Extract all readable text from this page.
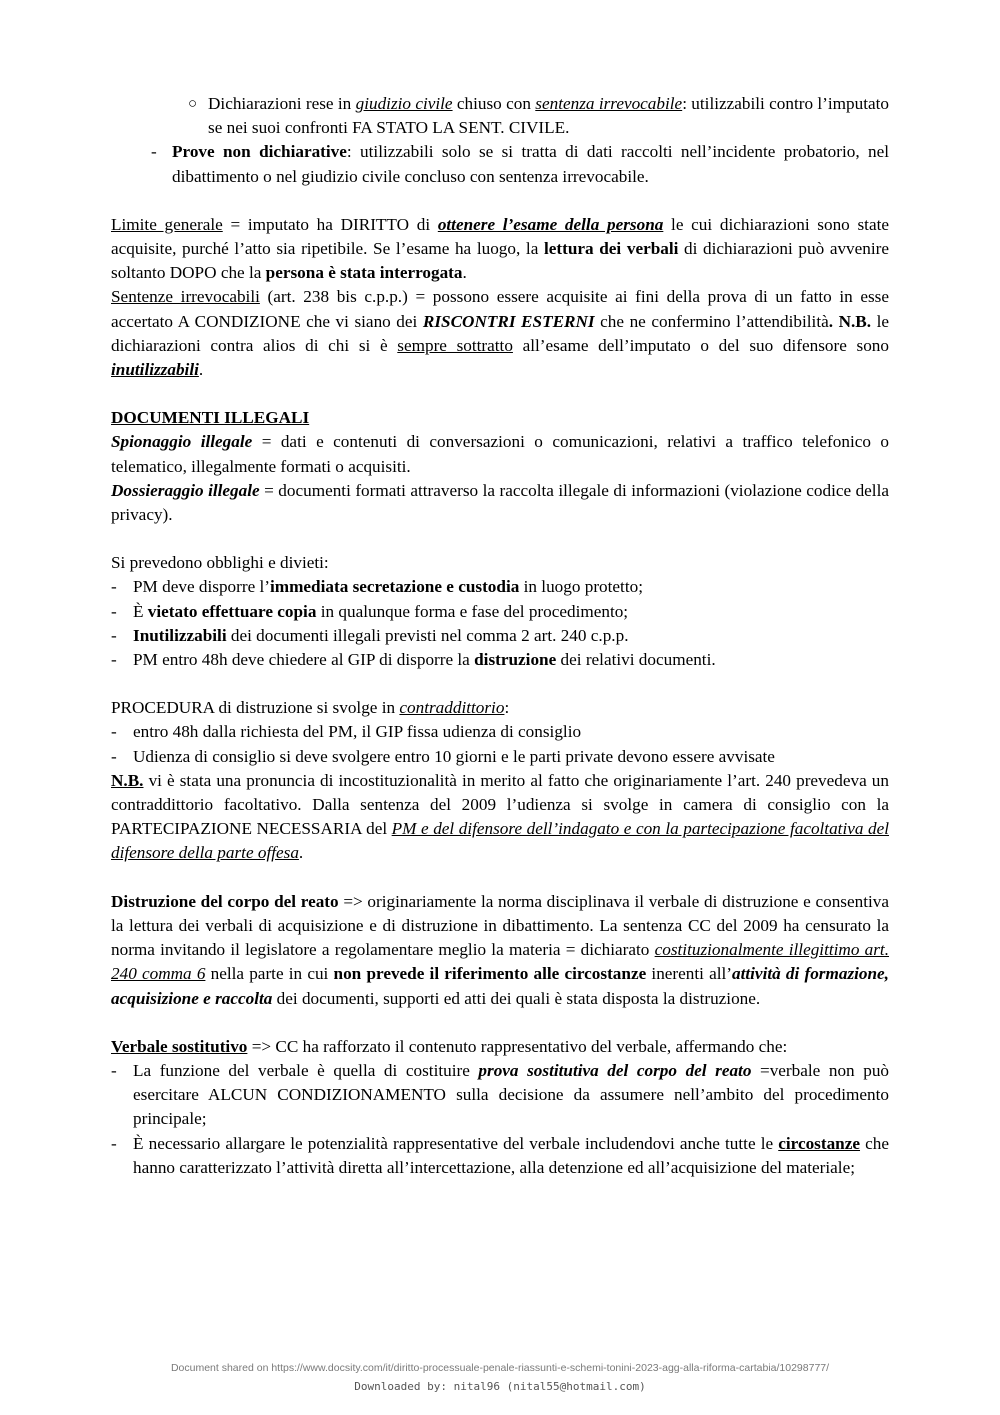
○ Dichiarazioni rese in giudizio civile chiuso con sentenza irrevocabile: utilizzabili contro l’imputato se nei suoi confronti FA STATO LA SENT. CIVILE.
- Prove non dichiarative: utilizzabili solo se si tratta di dati raccolti nell’incidente probatorio, nel dibattimento o nel giudizio civile concluso con sentenza irrevocabile.

Limite generale = imputato ha DIRITTO di ottenere l’esame della persona le cui dichiarazioni sono state acquisite, purché l’atto sia ripetibile. Se l’esame ha luogo, la lettura dei verbali di dichiarazioni può avvenire soltanto DOPO che la persona è stata interrogata.

Sentenze irrevocabili (art. 238 bis c.p.p.) = possono essere acquisite ai fini della prova di un fatto in esse accertato A CONDIZIONE che vi siano dei RISCONTRI ESTERNI che ne confermino l’attendibilità. N.B. le dichiarazioni contra alios di chi si è sempre sottratto all’esame dell’imputato o del suo difensore sono inutilizzabili.

DOCUMENTI ILLEGALI

Spionaggio illegale = dati e contenuti di conversazioni o comunicazioni, relativi a traffico telefonico o telematico, illegalmente formati o acquisiti.

Dossieraggio illegale = documenti formati attraverso la raccolta illegale di informazioni (violazione codice della privacy).

Si prevedono obblighi e divieti:

- PM deve disporre l’immediata secretazione e custodia in luogo protetto;
- È vietato effettuare copia in qualunque forma e fase del procedimento;
- Inutilizzabili dei documenti illegali previsti nel comma 2 art. 240 c.p.p.
- PM entro 48h deve chiedere al GIP di disporre la distruzione dei relativi documenti.

PROCEDURA di distruzione si svolge in contraddittorio:

- entro 48h dalla richiesta del PM, il GIP fissa udienza di consiglio
- Udienza di consiglio si deve svolgere entro 10 giorni e le parti private devono essere avvisate

N.B. vi è stata una pronuncia di incostituzionalità in merito al fatto che originariamente l’art. 240 prevedeva un contraddittorio facoltativo. Dalla sentenza del 2009 l’udienza si svolge in camera di consiglio con la PARTECIPAZIONE NECESSARIA del PM e del difensore dell’indagato e con la partecipazione facoltativa del difensore della parte offesa.

Distruzione del corpo del reato => originariamente la norma disciplinava il verbale di distruzione e consentiva la lettura dei verbali di acquisizione e di distruzione in dibattimento. La sentenza CC del 2009 ha censurato la norma invitando il legislatore a regolamentare meglio la materia = dichiarato costituzionalmente illegittimo art. 240 comma 6 nella parte in cui non prevede il riferimento alle circostanze inerenti all’attività di formazione, acquisizione e raccolta dei documenti, supporti ed atti dei quali è stata disposta la distruzione.

Verbale sostitutivo => CC ha rafforzato il contenuto rappresentativo del verbale, affermando che:

- La funzione del verbale è quella di costituire prova sostitutiva del corpo del reato =verbale non può esercitare ALCUN CONDIZIONAMENTO sulla decisione da assumere nell’ambito del procedimento principale;
- È necessario allargare le potenzialità rappresentative del verbale includendovi anche tutte le circostanze che hanno caratterizzato l’attività diretta all’intercettazione, alla detenzione ed all’acquisizione del materiale;
Document shared on https://www.docsity.com/it/diritto-processuale-penale-riassunti-e-schemi-tonini-2023-agg-alla-riforma-cartabia/10298777/
Downloaded by: nital96 (nital55@hotmail.com)
